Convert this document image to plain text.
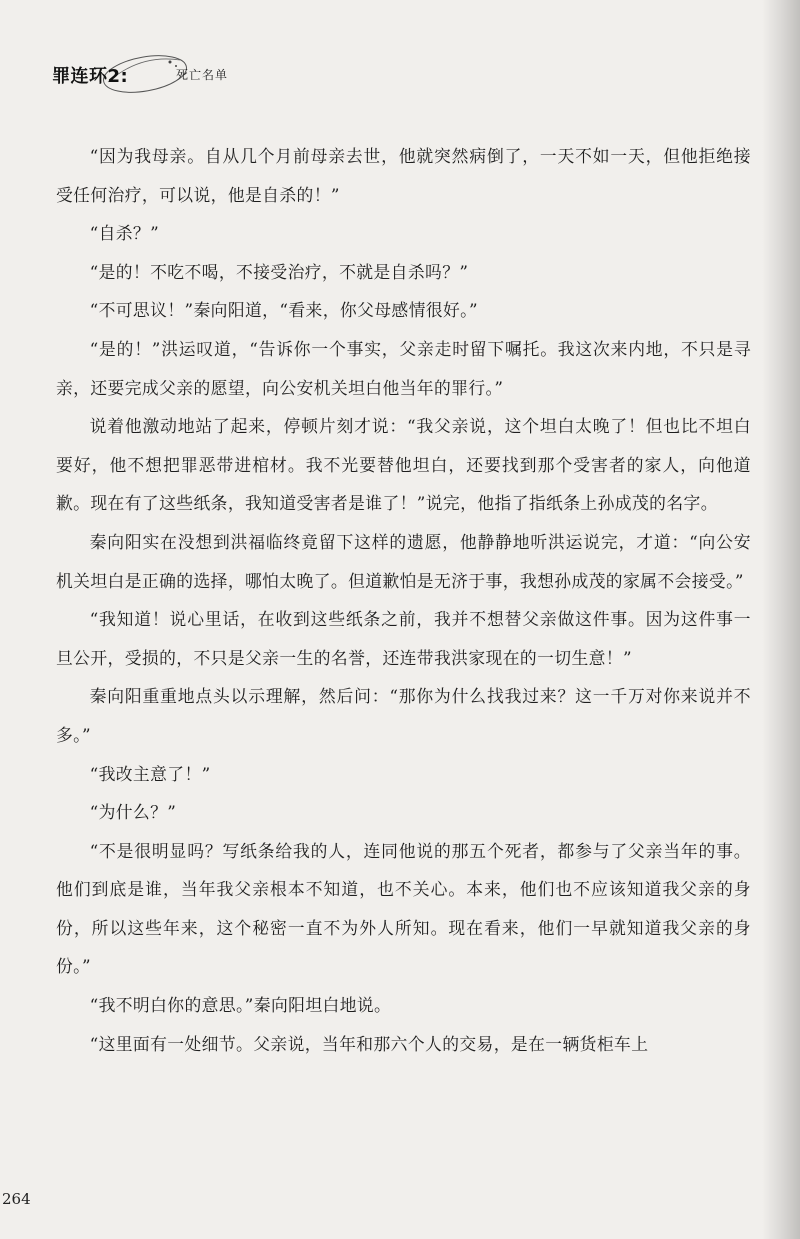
罪连环2:	死亡名单

“因为我母亲。自从几个月前母亲去世，他就突然病倒了，一天不如一天，但他拒绝接受任何治疗，可以说，他是自杀的！”

“自杀？”

“是的！不吃不喝，不接受治疗，不就是自杀吗？”

“不可思议！”秦向阳道，“看来，你父母感情很好。”

“是的！”洪运叹道，“告诉你一个事实，父亲走时留下嘱托。我这次来内地，不只是寻亲，还要完成父亲的愿望，向公安机关坦白他当年的罪行。”

说着他激动地站了起来，停顿片刻才说：“我父亲说，这个坦白太晚了！但也比不坦白要好，他不想把罪恶带进棺材。我不光要替他坦白，还要找到那个受害者的家人，向他道歉。现在有了这些纸条，我知道受害者是谁了！”说完，他指了指纸条上孙成茂的名字。

秦向阳实在没想到洪福临终竟留下这样的遗愿，他静静地听洪运说完，才道：“向公安机关坦白是正确的选择，哪怕太晚了。但道歉怕是无济于事，我想孙成茂的家属不会接受。”

“我知道！说心里话，在收到这些纸条之前，我并不想替父亲做这件事。因为这件事一旦公开，受损的，不只是父亲一生的名誉，还连带我洪家现在的一切生意！”

秦向阳重重地点头以示理解，然后问：“那你为什么找我过来？这一千万对你来说并不多。”

“我改主意了！”

“为什么？”

“不是很明显吗？写纸条给我的人，连同他说的那五个死者，都参与了父亲当年的事。他们到底是谁，当年我父亲根本不知道，也不关心。本来，他们也不应该知道我父亲的身份，所以这些年来，这个秘密一直不为外人所知。现在看来，他们一早就知道我父亲的身份。”

“我不明白你的意思。”秦向阳坦白地说。

“这里面有一处细节。父亲说，当年和那六个人的交易，是在一辆货柜车上

264
